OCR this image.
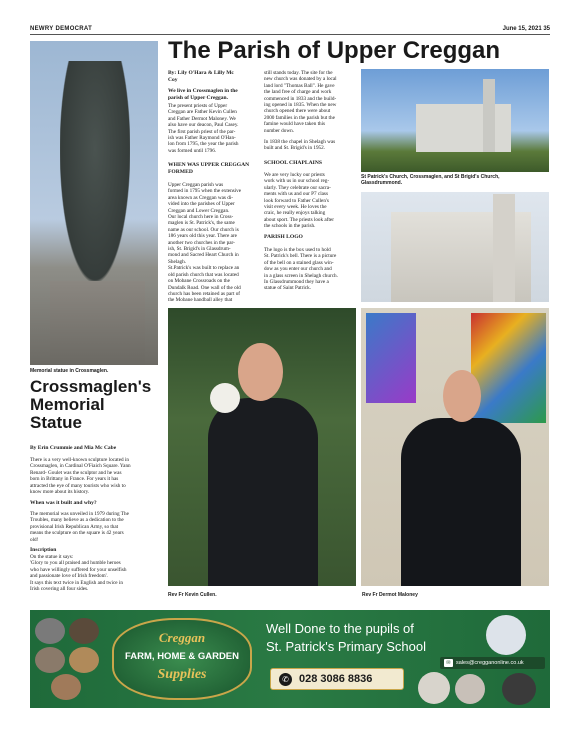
NEWRY DEMOCRAT	June 15, 2021 35
Memorial statue in Crossmaglen.
Crossmaglen's
Memorial
Statue
By Erin Crummie and Mia Mc Cabe
There is a very well-known sculpture located in
Crossmaglen, in Cardinal O'Fiaich Square. Yann
Renard- Goulet was the sculptor and he was
born in Brittany in France. For years it has
attracted the eye of many tourists who wish to
know more about its history.
When was it built and why?
The memorial was unveiled in 1979 during The
Troubles, many believe as a dedication to the
provisional Irish Republican Army, so that
means the sculpture on the square is 42 years
old!
Inscription
On the statue it says:
'Glory to you all praised and humble heroes
who have willingly suffered for your unselfish
and passionate love of Irish freedom'.
It says this text twice in English and twice in
Irish covering all four sides.
The Parish of Upper Creggan
By: Lily O'Hara & Lilly Mc
Coy
We live in Crossmaglen in the
parish of Upper Creggan.
The present priests of Upper
Creggan are Father Kevin Cullen
and Father Dermot Maloney. We
also have our deacon, Paul Casey.
The first parish priest of the par-
ish was Father Raymond O'Han-
lon from 1795, the year the parish
was formed until 1796.
WHEN WAS UPPER CREGGAN
FORMED
Upper Creggan parish was
formed in 1795 when the extensive
area known as Creggan was di-
vided into the parishes of Upper
Creggan and Lower Creggan.
Our local church here in Cross-
maglen is St. Patrick's, the same
name as our school. Our church is
186 years old this year. There are
another two churches in the par-
ish, St. Brigid's in Glassdrum-
mond and Sacred Heart Church in
Shelagh.
St.Patrick's was built to replace an
old parish church that was located
on Mobane Crossroads on the
Dundalk Road. One wall of the old
church has been retained as part of
the Mobane handball alley that
still stands today. The site for the
new church was donated by a local
land lord "Thomas Ball". He gave
the land free of charge and work
commenced in 1833 and the build-
ing opened in 1835. When the new
church opened there were about
2000 families in the parish but the
famine would have taken this
number down.
In 1838 the chapel in Shelagh was
built and St. Brigid's in 1952.
SCHOOL CHAPLAINS
We are very lucky our priests
work with us in our school reg-
ularly. They celebrate our sacra-
ments with us and our P7 class
look forward to Father Cullen's
visit every week. He loves the
craic, he really enjoys talking
about sport. The priests look after
the schools in the parish.
PARISH LOGO
The logo is the box used to hold
St. Patrick's bell. There is a picture
of the bell on a stained glass win-
dow as you enter our church and
in a glass screen in Shelagh church.
In Glassdrummond they have a
statue of Saint Patrick.
St Patrick's Church, Crossmaglen, and St Brigid's Church,
Glassdrummond.
Rev Fr Kevin Cullen.	Rev Fr Dermot Maloney
Creggan
FARM, HOME & GARDEN
Supplies
Well Done to the pupils of
St. Patrick's Primary School
✆ 028 3086 8836
✉ sales@cregganonline.co.uk
